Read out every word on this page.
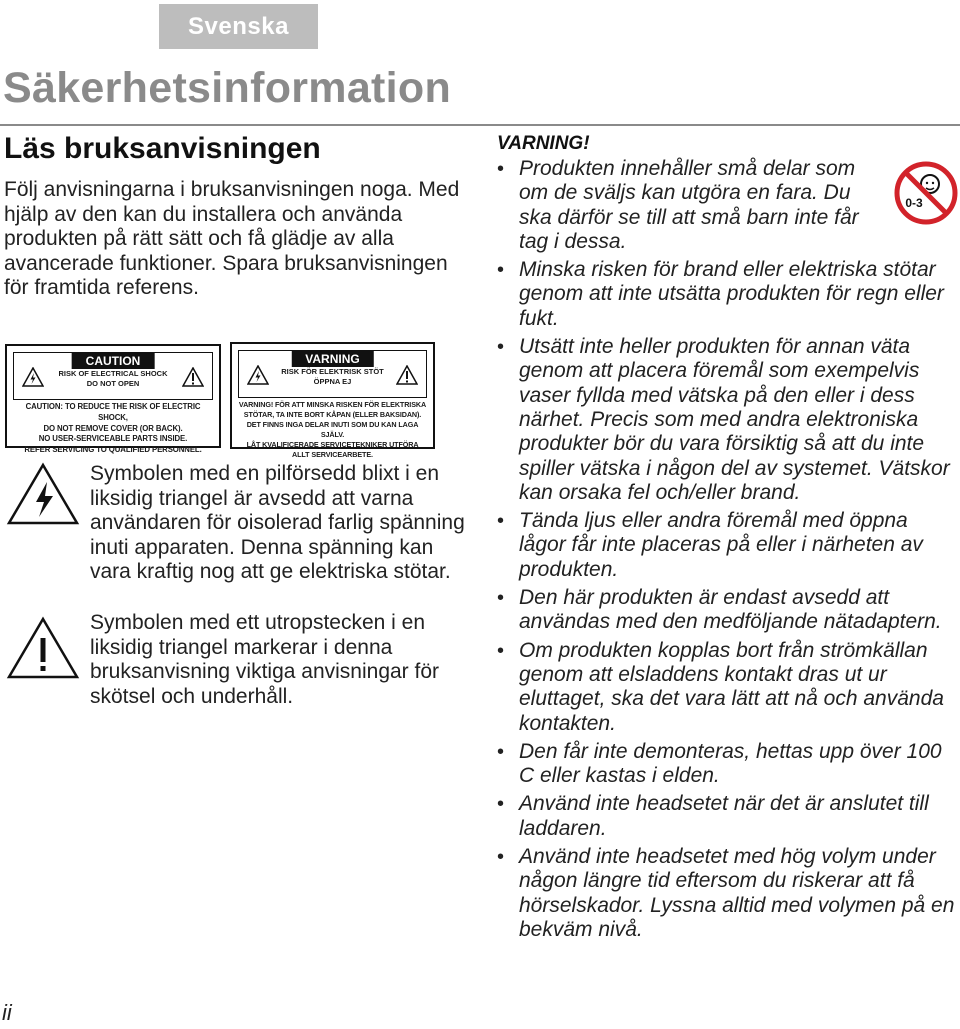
Svenska
Säkerhetsinformation
Läs bruksanvisningen
Följ anvisningarna i bruksanvisningen noga. Med hjälp av den kan du installera och använda produkten på rätt sätt och få glädje av alla avancerade funktioner. Spara bruksanvisningen för framtida referens.
CAUTION
RISK OF ELECTRICAL SHOCK
DO NOT OPEN
CAUTION: TO REDUCE THE RISK OF ELECTRIC SHOCK,
DO NOT REMOVE COVER (OR BACK).
NO USER-SERVICEABLE PARTS INSIDE.
REFER SERVICING TO QUALIFIED PERSONNEL.
VARNING
RISK FÖR ELEKTRISK STÖT
ÖPPNA EJ
VARNING! FÖR ATT MINSKA RISKEN FÖR ELEKTRISKA
STÖTAR, TA INTE BORT KÅPAN (ELLER BAKSIDAN).
DET FINNS INGA DELAR INUTI SOM DU KAN LAGA SJÄLV.
LÅT KVALIFICERADE SERVICETEKNIKER UTFÖRA
ALLT SERVICEARBETE.
Symbolen med en pilförsedd blixt i en liksidig triangel är avsedd att varna användaren för oisolerad farlig spänning inuti apparaten. Denna spänning kan vara kraftig nog att ge elektriska stötar.
Symbolen med ett utropstecken i en liksidig triangel markerar i denna bruksanvisning viktiga anvisningar för skötsel och underhåll.
VARNING!
0-3
• Produkten innehåller små delar som om de sväljs kan utgöra en fara. Du ska därför se till att små barn inte får tag i dessa.
• Minska risken för brand eller elektriska stötar genom att inte utsätta produkten för regn eller fukt.
• Utsätt inte heller produkten för annan väta genom att placera föremål som exempelvis vaser fyllda med vätska på den eller i dess närhet. Precis som med andra elektroniska produkter bör du vara försiktig så att du inte spiller vätska i någon del av systemet. Vätskor kan orsaka fel och/eller brand.
• Tända ljus eller andra föremål med öppna lågor får inte placeras på eller i närheten av produkten.
• Den här produkten är endast avsedd att användas med den medföljande nätadaptern.
• Om produkten kopplas bort från strömkällan genom att elsladdens kontakt dras ut ur eluttaget, ska det vara lätt att nå och använda kontakten.
• Den får inte demonteras, hettas upp över 100 C eller kastas i elden.
• Använd inte headsetet när det är anslutet till laddaren.
• Använd inte headsetet med hög volym under någon längre tid eftersom du riskerar att få hörselskador. Lyssna alltid med volymen på en bekväm nivå.
ii
